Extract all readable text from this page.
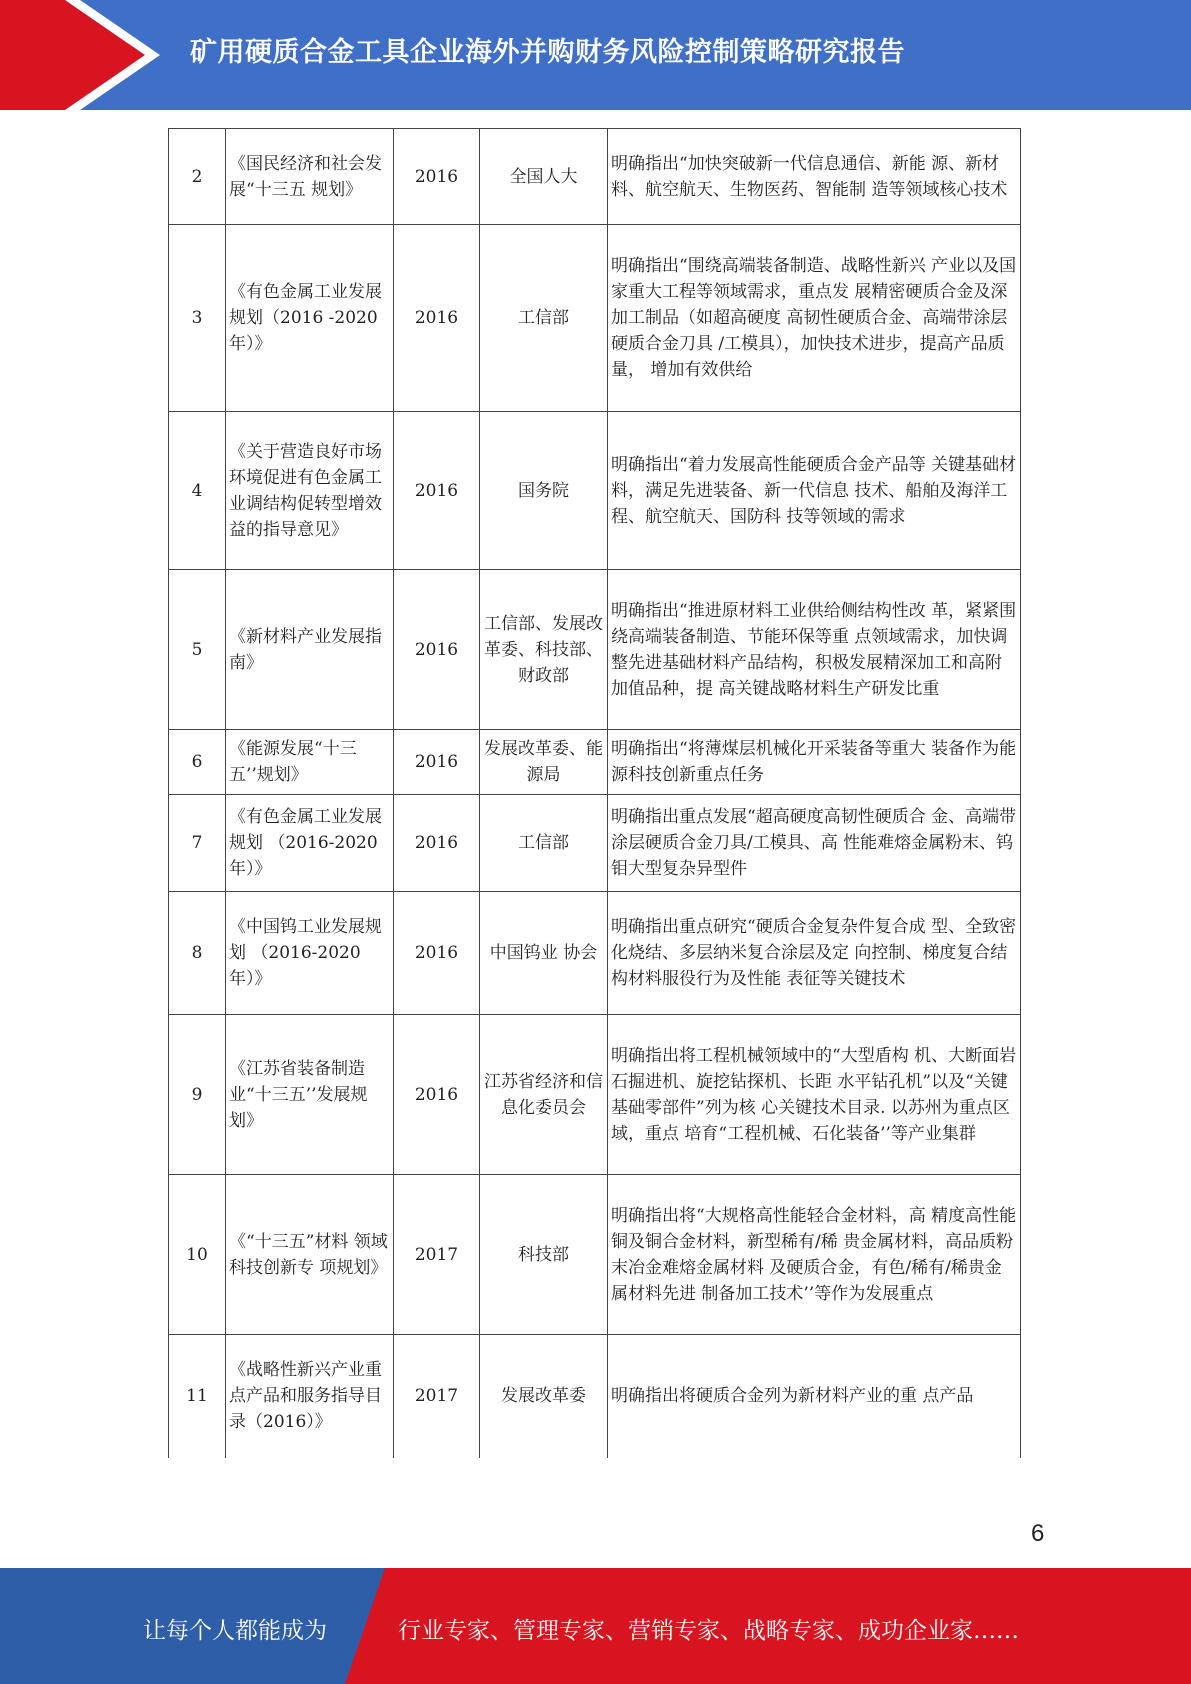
矿用硬质合金工具企业海外并购财务风险控制策略研究报告
2	《国民经济和社会发展“十三五 规划》	2016	全国人大	明确指出“加快突破新一代信息通信、新能 源、新材料、航空航天、生物医药、智能制 造等领域核心技术
3	《有色金属工业发展规划（2016 -2020 年）》	2016	工信部	明确指出“围绕高端装备制造、战略性新兴 产业以及国家重大工程等领域需求，重点发 展精密硬质合金及深加工制品（如超高硬度 高韧性硬质合金、高端带涂层硬质合金刀具 /工模具），加快技术进步，提高产品质量， 增加有效供给
4	《关于营造良好市场环境促进有色金属工业调结构促转型增效益的指导意见》	2016	国务院	明确指出“着力发展高性能硬质合金产品等 关键基础材料，满足先进装备、新一代信息 技术、船舶及海洋工程、航空航天、国防科 技等领域的需求
5	《新材料产业发展指南》	2016	工信部、发展改革委、科技部、财政部	明确指出“推进原材料工业供给侧结构性改 革，紧紧围绕高端装备制造、节能环保等重 点领域需求，加快调整先进基础材料产品结构，积极发展精深加工和高附加值品种，提 高关键战略材料生产研发比重
6	《能源发展“十三五’’规划》	2016	发展改革委、能源局	明确指出“将薄煤层机械化开采装备等重大 装备作为能源科技创新重点任务
7	《有色金属工业发展规划 （2016-2020 年）》	2016	工信部	明确指出重点发展“超高硬度高韧性硬质合 金、高端带涂层硬质合金刀具/工模具、高 性能难熔金属粉末、钨钼大型复杂异型件
8	《中国钨工业发展规划 （2016-2020 年）》	2016	中国钨业 协会	明确指出重点研究“硬质合金复杂件复合成 型、全致密化烧结、多层纳米复合涂层及定 向控制、梯度复合结构材料服役行为及性能 表征等关键技术
9	《江苏省装备制造业“十三五’’发展规划》	2016	江苏省经济和信息化委员会	明确指出将工程机械领域中的“大型盾构 机、大断面岩石掘进机、旋挖钻探机、长距 水平钻孔机”以及“关键基础零部件”列为核 心关键技术目录. 以苏州为重点区域，重点 培育“工程机械、石化装备’’等产业集群
10	《“十三五”材料 领域科技创新专 项规划》	2017	科技部	明确指出将“大规格高性能轻合金材料，高 精度高性能铜及铜合金材料，新型稀有/稀 贵金属材料，高品质粉末冶金难熔金属材料 及硬质合金，有色/稀有/稀贵金属材料先进 制备加工技术’’等作为发展重点
11	《战略性新兴产业重点产品和服务指导目录（2016）》	2017	发展改革委	明确指出将硬质合金列为新材料产业的重 点产品
6
让每个人都能成为	行业专家、管理专家、营销专家、战略专家、成功企业家……
